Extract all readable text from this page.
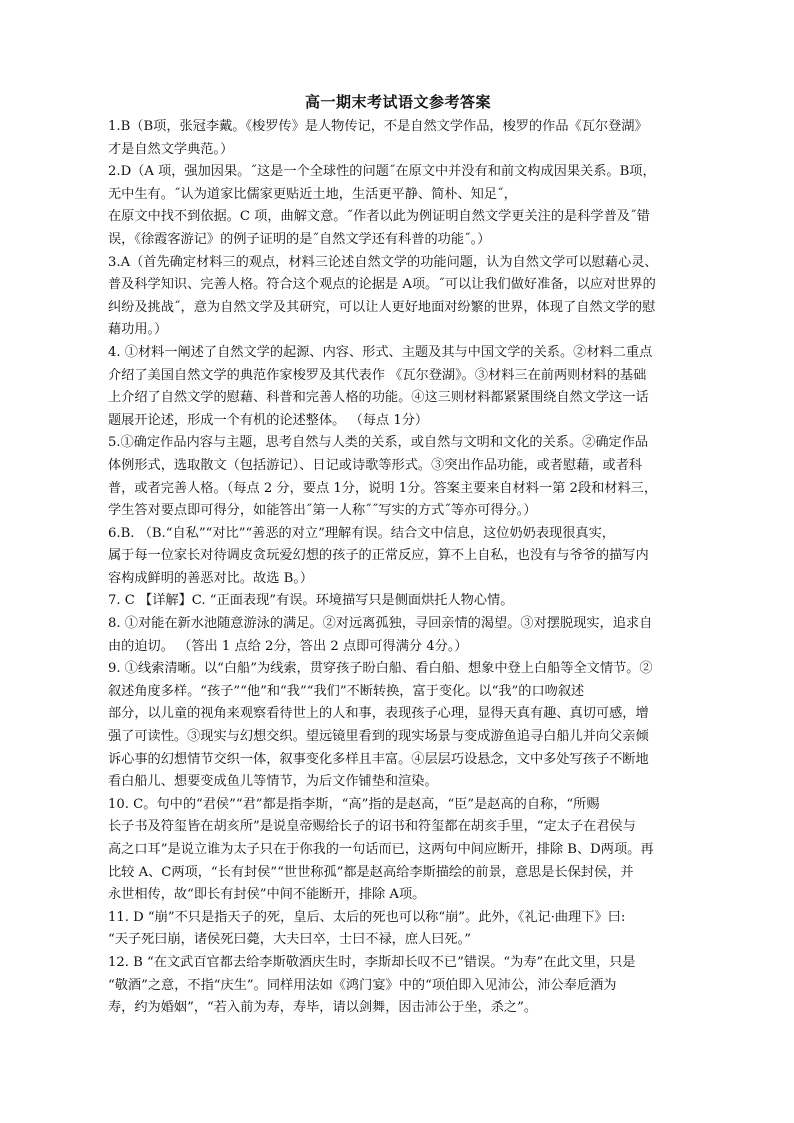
高一期末考试语文参考答案
1.B（B项，张冠李戴。《梭罗传》是人物传记，不是自然文学作品，梭罗的作品《瓦尔登湖》
才是自然文学典范。）
2.D（A 项，强加因果。˝这是一个全球性的问题˝在原文中并没有和前文构成因果关系。B项，
无中生有。˝认为道家比儒家更贴近土地，生活更平静、简朴、知足˝，
在原文中找不到依据。C 项，曲解文意。˝作者以此为例证明自然文学更关注的是科学普及˝错
误，《徐霞客游记》的例子证明的是˝自然文学还有科普的功能˝。）
3.A（首先确定材料三的观点，材料三论述自然文学的功能问题，认为自然文学可以慰藉心灵、
普及科学知识、完善人格。符合这个观点的论据是 A项。˝可以让我们做好准备，以应对世界的
纠纷及挑战˝，意为自然文学及其研究，可以让人更好地面对纷繁的世界，体现了自然文学的慰
藉功用。）
4. ①材料一阐述了自然文学的起源、内容、形式、主题及其与中国文学的关系。②材料二重点
介绍了美国自然文学的典范作家梭罗及其代表作 《瓦尔登湖》。③材料三在前两则材料的基础
上介绍了自然文学的慰藉、科普和完善人格的功能。④这三则材料都紧紧围绕自然文学这一话
题展开论述，形成一个有机的论述整体。 （每点 1分）
5.①确定作品内容与主题，思考自然与人类的关系，或自然与文明和文化的关系。②确定作品
体例形式，选取散文（包括游记）、日记或诗歌等形式。③突出作品功能，或者慰藉，或者科
普，或者完善人格。（每点 2 分，要点 1分，说明 1分。答案主要来自材料一第 2段和材料三，
学生答对要点即可得分，如能答出˝第一人称˝˝写实的方式˝等亦可得分。）
6.B. （B.“自私”“对比”“善恶的对立”理解有误。结合文中信息，这位奶奶表现很真实，
属于每一位家长对待调皮贪玩爱幻想的孩子的正常反应，算不上自私，也没有与爷爷的描写内
容构成鲜明的善恶对比。故选 B。）
7. C 【详解】C. “正面表现”有误。环境描写只是侧面烘托人物心情。
8. ①对能在新水池随意游泳的满足。②对远离孤独，寻回亲情的渴望。③对摆脱现实，追求自
由的迫切。 （答出 1 点给 2分，答出 2 点即可得满分 4分。）
9. ①线索清晰。以“白船”为线索，贯穿孩子盼白船、看白船、想象中登上白船等全文情节。②
叙述角度多样。“孩子”“他”和“我”“我们”不断转换，富于变化。以“我”的口吻叙述
部分，以儿童的视角来观察看待世上的人和事，表现孩子心理，显得天真有趣、真切可感，增
强了可读性。③现实与幻想交织。望远镜里看到的现实场景与变成游鱼追寻白船儿并向父亲倾
诉心事的幻想情节交织一体，叙事变化多样且丰富。④层层巧设悬念，文中多处写孩子不断地
看白船儿、想要变成鱼儿等情节，为后文作铺垫和渲染。
10. C。句中的“君侯”“君”都是指李斯，“高”指的是赵高，“臣”是赵高的自称，“所赐
长子书及符玺皆在胡亥所”是说皇帝赐给长子的诏书和符玺都在胡亥手里，“定太子在君侯与
高之口耳”是说立谁为太子只在于你我的一句话而已，这两句中间应断开，排除 B、D两项。再
比较 A、C两项，“长有封侯”“世世称孤”都是赵高给李斯描绘的前景，意思是长保封侯，并
永世相传，故“即长有封侯”中间不能断开，排除 A项。
11. D “崩”不只是指天子的死，皇后、太后的死也可以称“崩”。此外，《礼记·曲理下》曰:
“天子死曰崩，诸侯死曰薨，大夫曰卒，士曰不禄，庶人曰死。”
12. B “在文武百官都去给李斯敬酒庆生时，李斯却长叹不已”错误。“为寿”在此文里，只是
“敬酒”之意，不指“庆生”。同样用法如《鸿门宴》中的“项伯即入见沛公，沛公奉卮酒为
寿，约为婚姻”，“若入前为寿，寿毕，请以剑舞，因击沛公于坐，杀之”。
